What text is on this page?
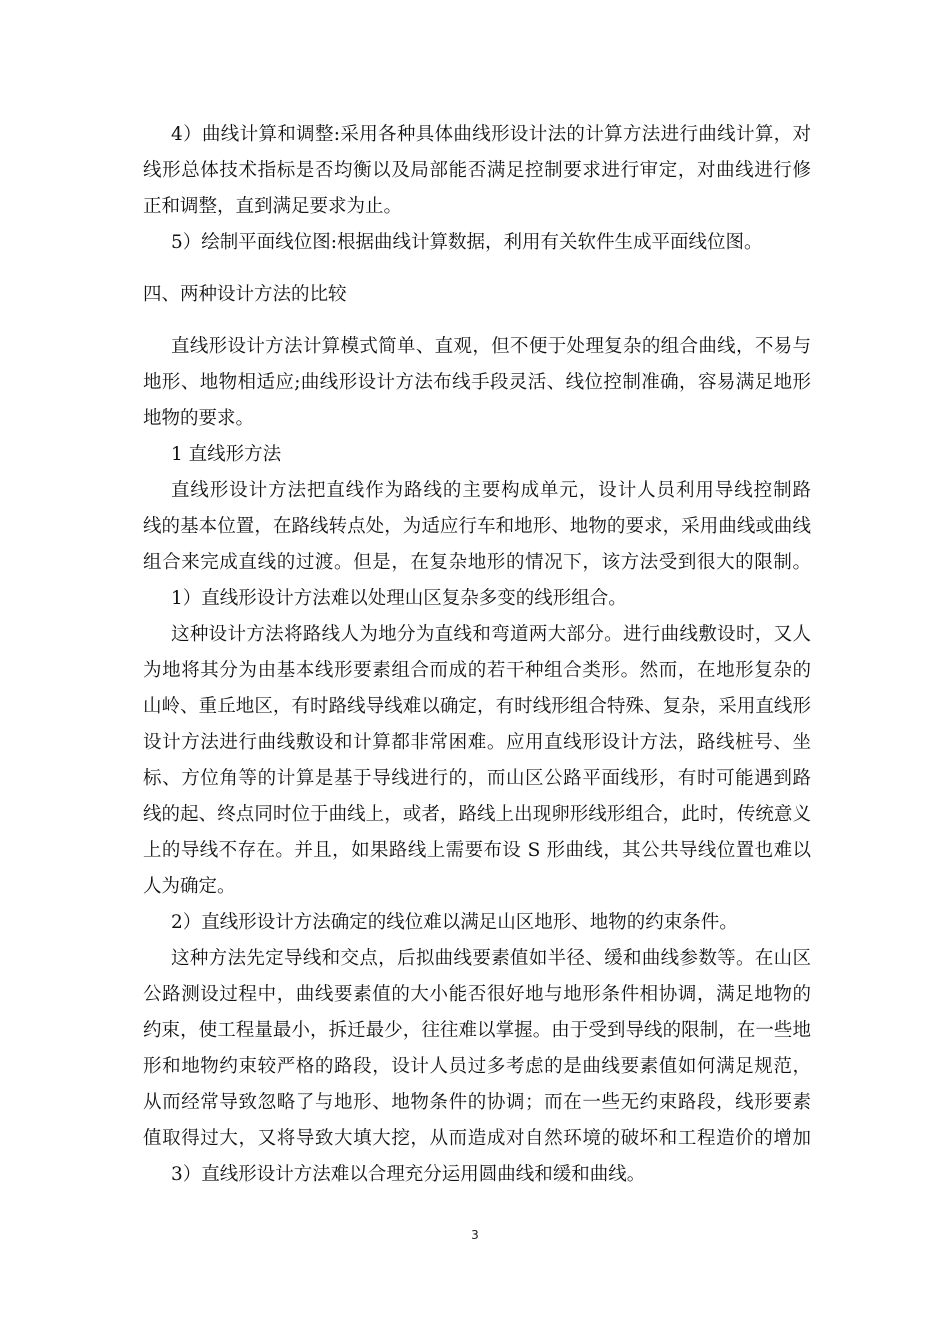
4）曲线计算和调整:采用各种具体曲线形设计法的计算方法进行曲线计算，对
线形总体技术指标是否均衡以及局部能否满足控制要求进行审定，对曲线进行修
正和调整，直到满足要求为止。
5）绘制平面线位图:根据曲线计算数据，利用有关软件生成平面线位图。
四、两种设计方法的比较
直线形设计方法计算模式简单、直观，但不便于处理复杂的组合曲线，不易与
地形、地物相适应;曲线形设计方法布线手段灵活、线位控制准确，容易满足地形
地物的要求。
1 直线形方法
直线形设计方法把直线作为路线的主要构成单元，设计人员利用导线控制路
线的基本位置，在路线转点处，为适应行车和地形、地物的要求，采用曲线或曲线
组合来完成直线的过渡。但是，在复杂地形的情况下，该方法受到很大的限制。
1）直线形设计方法难以处理山区复杂多变的线形组合。
这种设计方法将路线人为地分为直线和弯道两大部分。进行曲线敷设时，又人
为地将其分为由基本线形要素组合而成的若干种组合类形。然而，在地形复杂的
山岭、重丘地区，有时路线导线难以确定，有时线形组合特殊、复杂，采用直线形
设计方法进行曲线敷设和计算都非常困难。应用直线形设计方法，路线桩号、坐
标、方位角等的计算是基于导线进行的，而山区公路平面线形，有时可能遇到路
线的起、终点同时位于曲线上，或者，路线上出现卵形线形组合，此时，传统意义
上的导线不存在。并且，如果路线上需要布设 S 形曲线，其公共导线位置也难以
人为确定。
2）直线形设计方法确定的线位难以满足山区地形、地物的约束条件。
这种方法先定导线和交点，后拟曲线要素值如半径、缓和曲线参数等。在山区
公路测设过程中，曲线要素值的大小能否很好地与地形条件相协调，满足地物的
约束，使工程量最小，拆迁最少，往往难以掌握。由于受到导线的限制，在一些地
形和地物约束较严格的路段，设计人员过多考虑的是曲线要素值如何满足规范，
从而经常导致忽略了与地形、地物条件的协调；而在一些无约束路段，线形要素
值取得过大，又将导致大填大挖，从而造成对自然环境的破坏和工程造价的增加
3）直线形设计方法难以合理充分运用圆曲线和缓和曲线。
3
